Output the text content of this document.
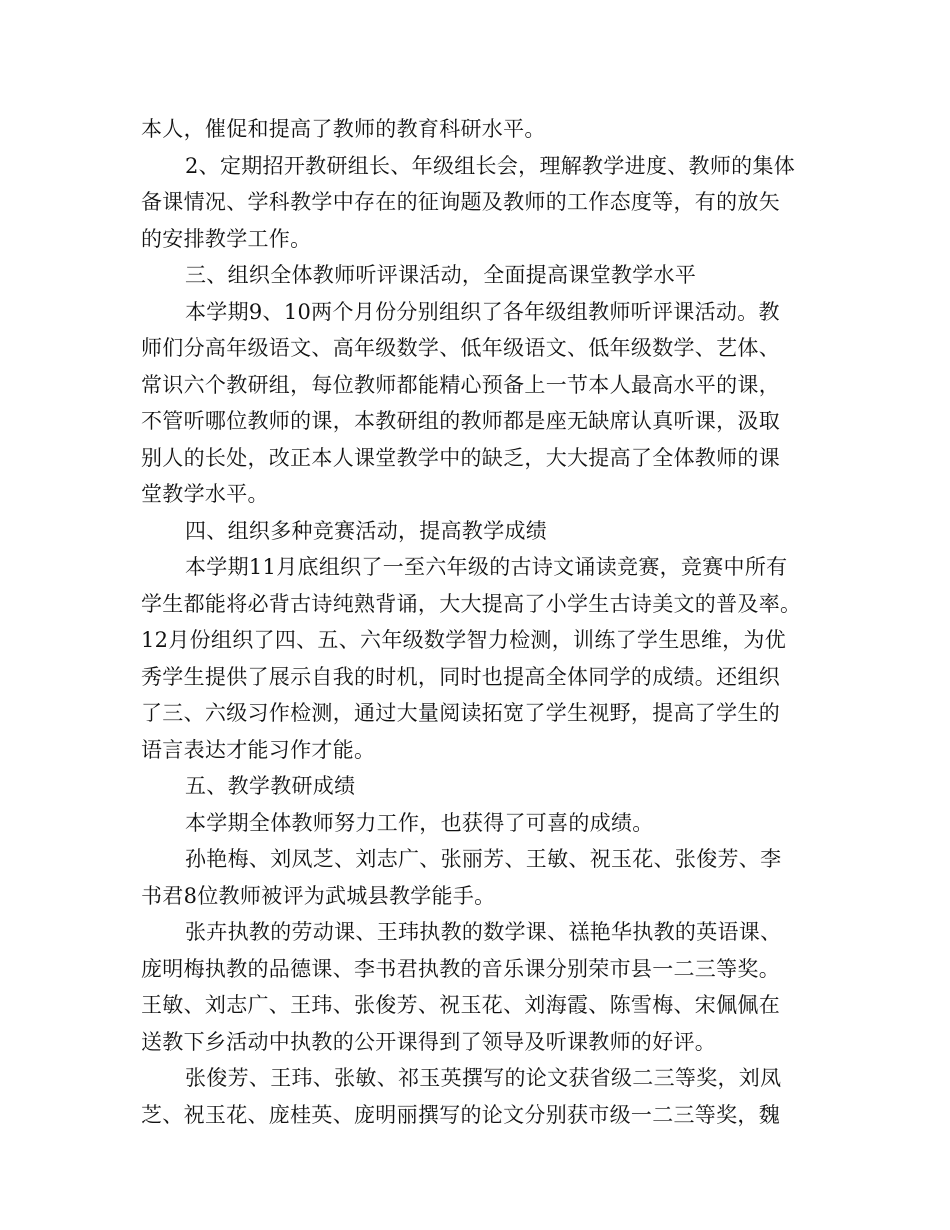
本人，催促和提高了教师的教育科研水平。
2、定期招开教研组长、年级组长会，理解教学进度、教师的集体
备课情况、学科教学中存在的征询题及教师的工作态度等，有的放矢
的安排教学工作。
三、组织全体教师听评课活动，全面提高课堂教学水平
本学期9、10两个月份分别组织了各年级组教师听评课活动。教
师们分高年级语文、高年级数学、低年级语文、低年级数学、艺体、
常识六个教研组，每位教师都能精心预备上一节本人最高水平的课，
不管听哪位教师的课，本教研组的教师都是座无缺席认真听课，汲取
别人的长处，改正本人课堂教学中的缺乏，大大提高了全体教师的课
堂教学水平。
四、组织多种竞赛活动，提高教学成绩
本学期11月底组织了一至六年级的古诗文诵读竞赛，竞赛中所有
学生都能将必背古诗纯熟背诵，大大提高了小学生古诗美文的普及率。
12月份组织了四、五、六年级数学智力检测，训练了学生思维，为优
秀学生提供了展示自我的时机，同时也提高全体同学的成绩。还组织
了三、六级习作检测，通过大量阅读拓宽了学生视野，提高了学生的
语言表达才能习作才能。
五、教学教研成绩
本学期全体教师努力工作，也获得了可喜的成绩。
孙艳梅、刘凤芝、刘志广、张丽芳、王敏、祝玉花、张俊芳、李
书君8位教师被评为武城县教学能手。
张卉执教的劳动课、王玮执教的数学课、禚艳华执教的英语课、
庞明梅执教的品德课、李书君执教的音乐课分别荣市县一二三等奖。
王敏、刘志广、王玮、张俊芳、祝玉花、刘海霞、陈雪梅、宋佩佩在
送教下乡活动中执教的公开课得到了领导及听课教师的好评。
张俊芳、王玮、张敏、祁玉英撰写的论文获省级二三等奖，刘凤
芝、祝玉花、庞桂英、庞明丽撰写的论文分别获市级一二三等奖，魏
